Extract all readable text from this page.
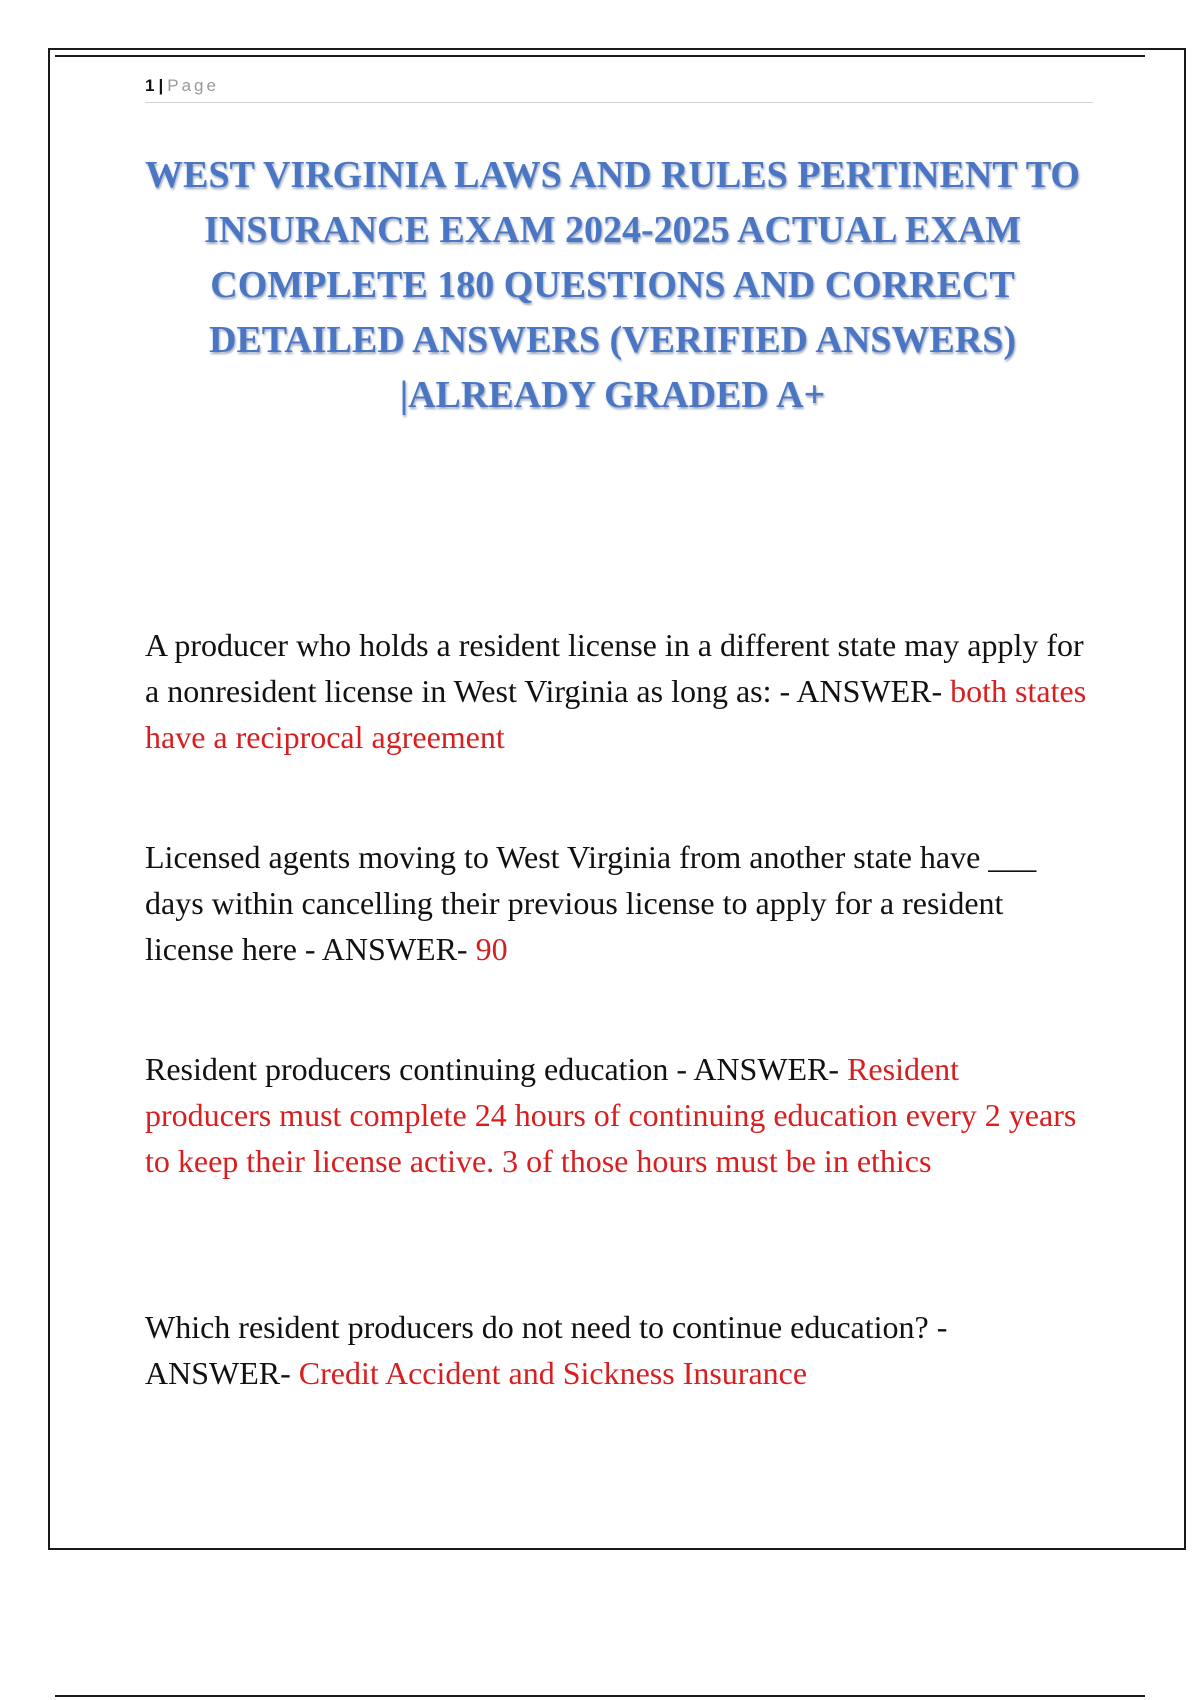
1 | Page
WEST VIRGINIA LAWS AND RULES PERTINENT TO INSURANCE EXAM 2024-2025 ACTUAL EXAM COMPLETE 180 QUESTIONS AND CORRECT DETAILED ANSWERS (VERIFIED ANSWERS) |ALREADY GRADED A+

A producer who holds a resident license in a different state may apply for a nonresident license in West Virginia as long as: - ANSWER- both states have a reciprocal agreement

Licensed agents moving to West Virginia from another state have ___ days within cancelling their previous license to apply for a resident license here - ANSWER- 90

Resident producers continuing education - ANSWER- Resident producers must complete 24 hours of continuing education every 2 years to keep their license active. 3 of those hours must be in ethics

Which resident producers do not need to continue education? - ANSWER- Credit Accident and Sickness Insurance
